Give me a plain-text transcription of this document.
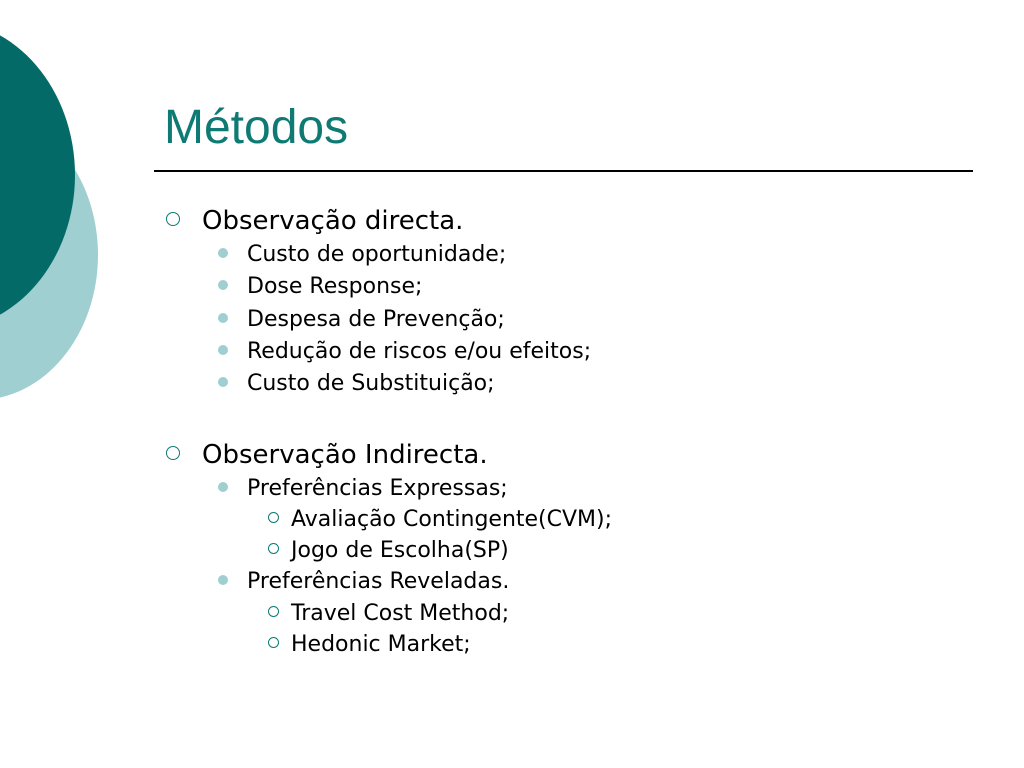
Métodos
Observação directa.
Custo de oportunidade;
Dose Response;
Despesa de Prevenção;
Redução de riscos e/ou efeitos;
Custo de Substituição;
Observação Indirecta.
Preferências Expressas;
Avaliação Contingente(CVM);
Jogo de Escolha(SP)
Preferências Reveladas.
Travel Cost Method;
Hedonic Market;
